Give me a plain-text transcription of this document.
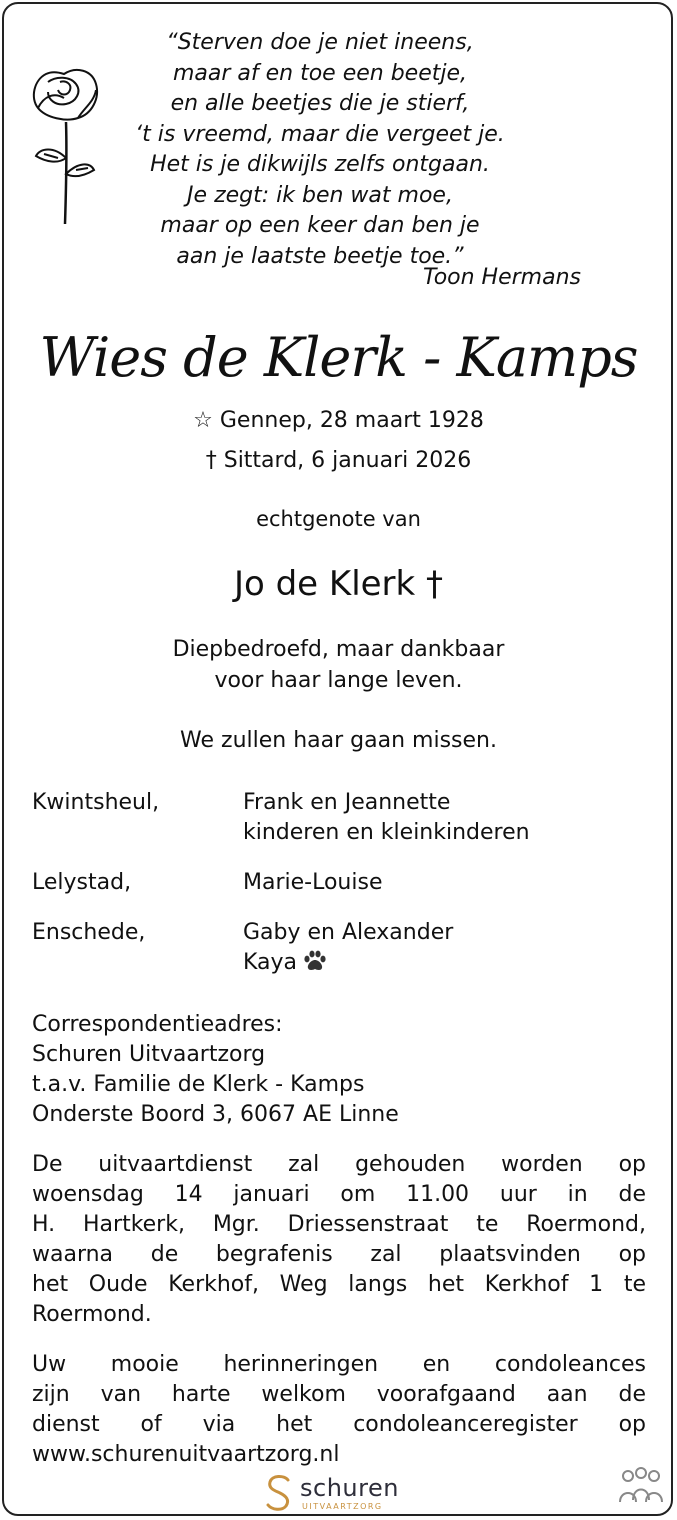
“Sterven doe je niet ineens,
maar af en toe een beetje,
en alle beetjes die je stierf,
‘t is vreemd, maar die vergeet je.
Het is je dikwijls zelfs ontgaan.
Je zegt: ik ben wat moe,
maar op een keer dan ben je
aan je laatste beetje toe.”
Toon Hermans
Wies de Klerk - Kamps
☆ Gennep, 28 maart 1928
† Sittard, 6 januari 2026
echtgenote van
Jo de Klerk †
Diepbedroefd, maar dankbaar
voor haar lange leven.
We zullen haar gaan missen.
Kwintsheul,	Frank en Jeannette
kinderen en kleinkinderen
Lelystad,	Marie-Louise
Enschede,	Gaby en Alexander
Kaya
Correspondentieadres:
Schuren Uitvaartzorg
t.a.v. Familie de Klerk - Kamps
Onderste Boord 3, 6067 AE Linne
De uitvaartdienst zal gehouden worden op
woensdag 14 januari om 11.00 uur in de
H. Hartkerk, Mgr. Driessenstraat te Roermond,
waarna de begrafenis zal plaatsvinden op
het Oude Kerkhof, Weg langs het Kerkhof 1 te
Roermond.
Uw mooie herinneringen en condoleances
zijn van harte welkom voorafgaand aan de
dienst of via het condoleanceregister op
www.schurenuitvaartzorg.nl
schuren
UITVAARTZORG
